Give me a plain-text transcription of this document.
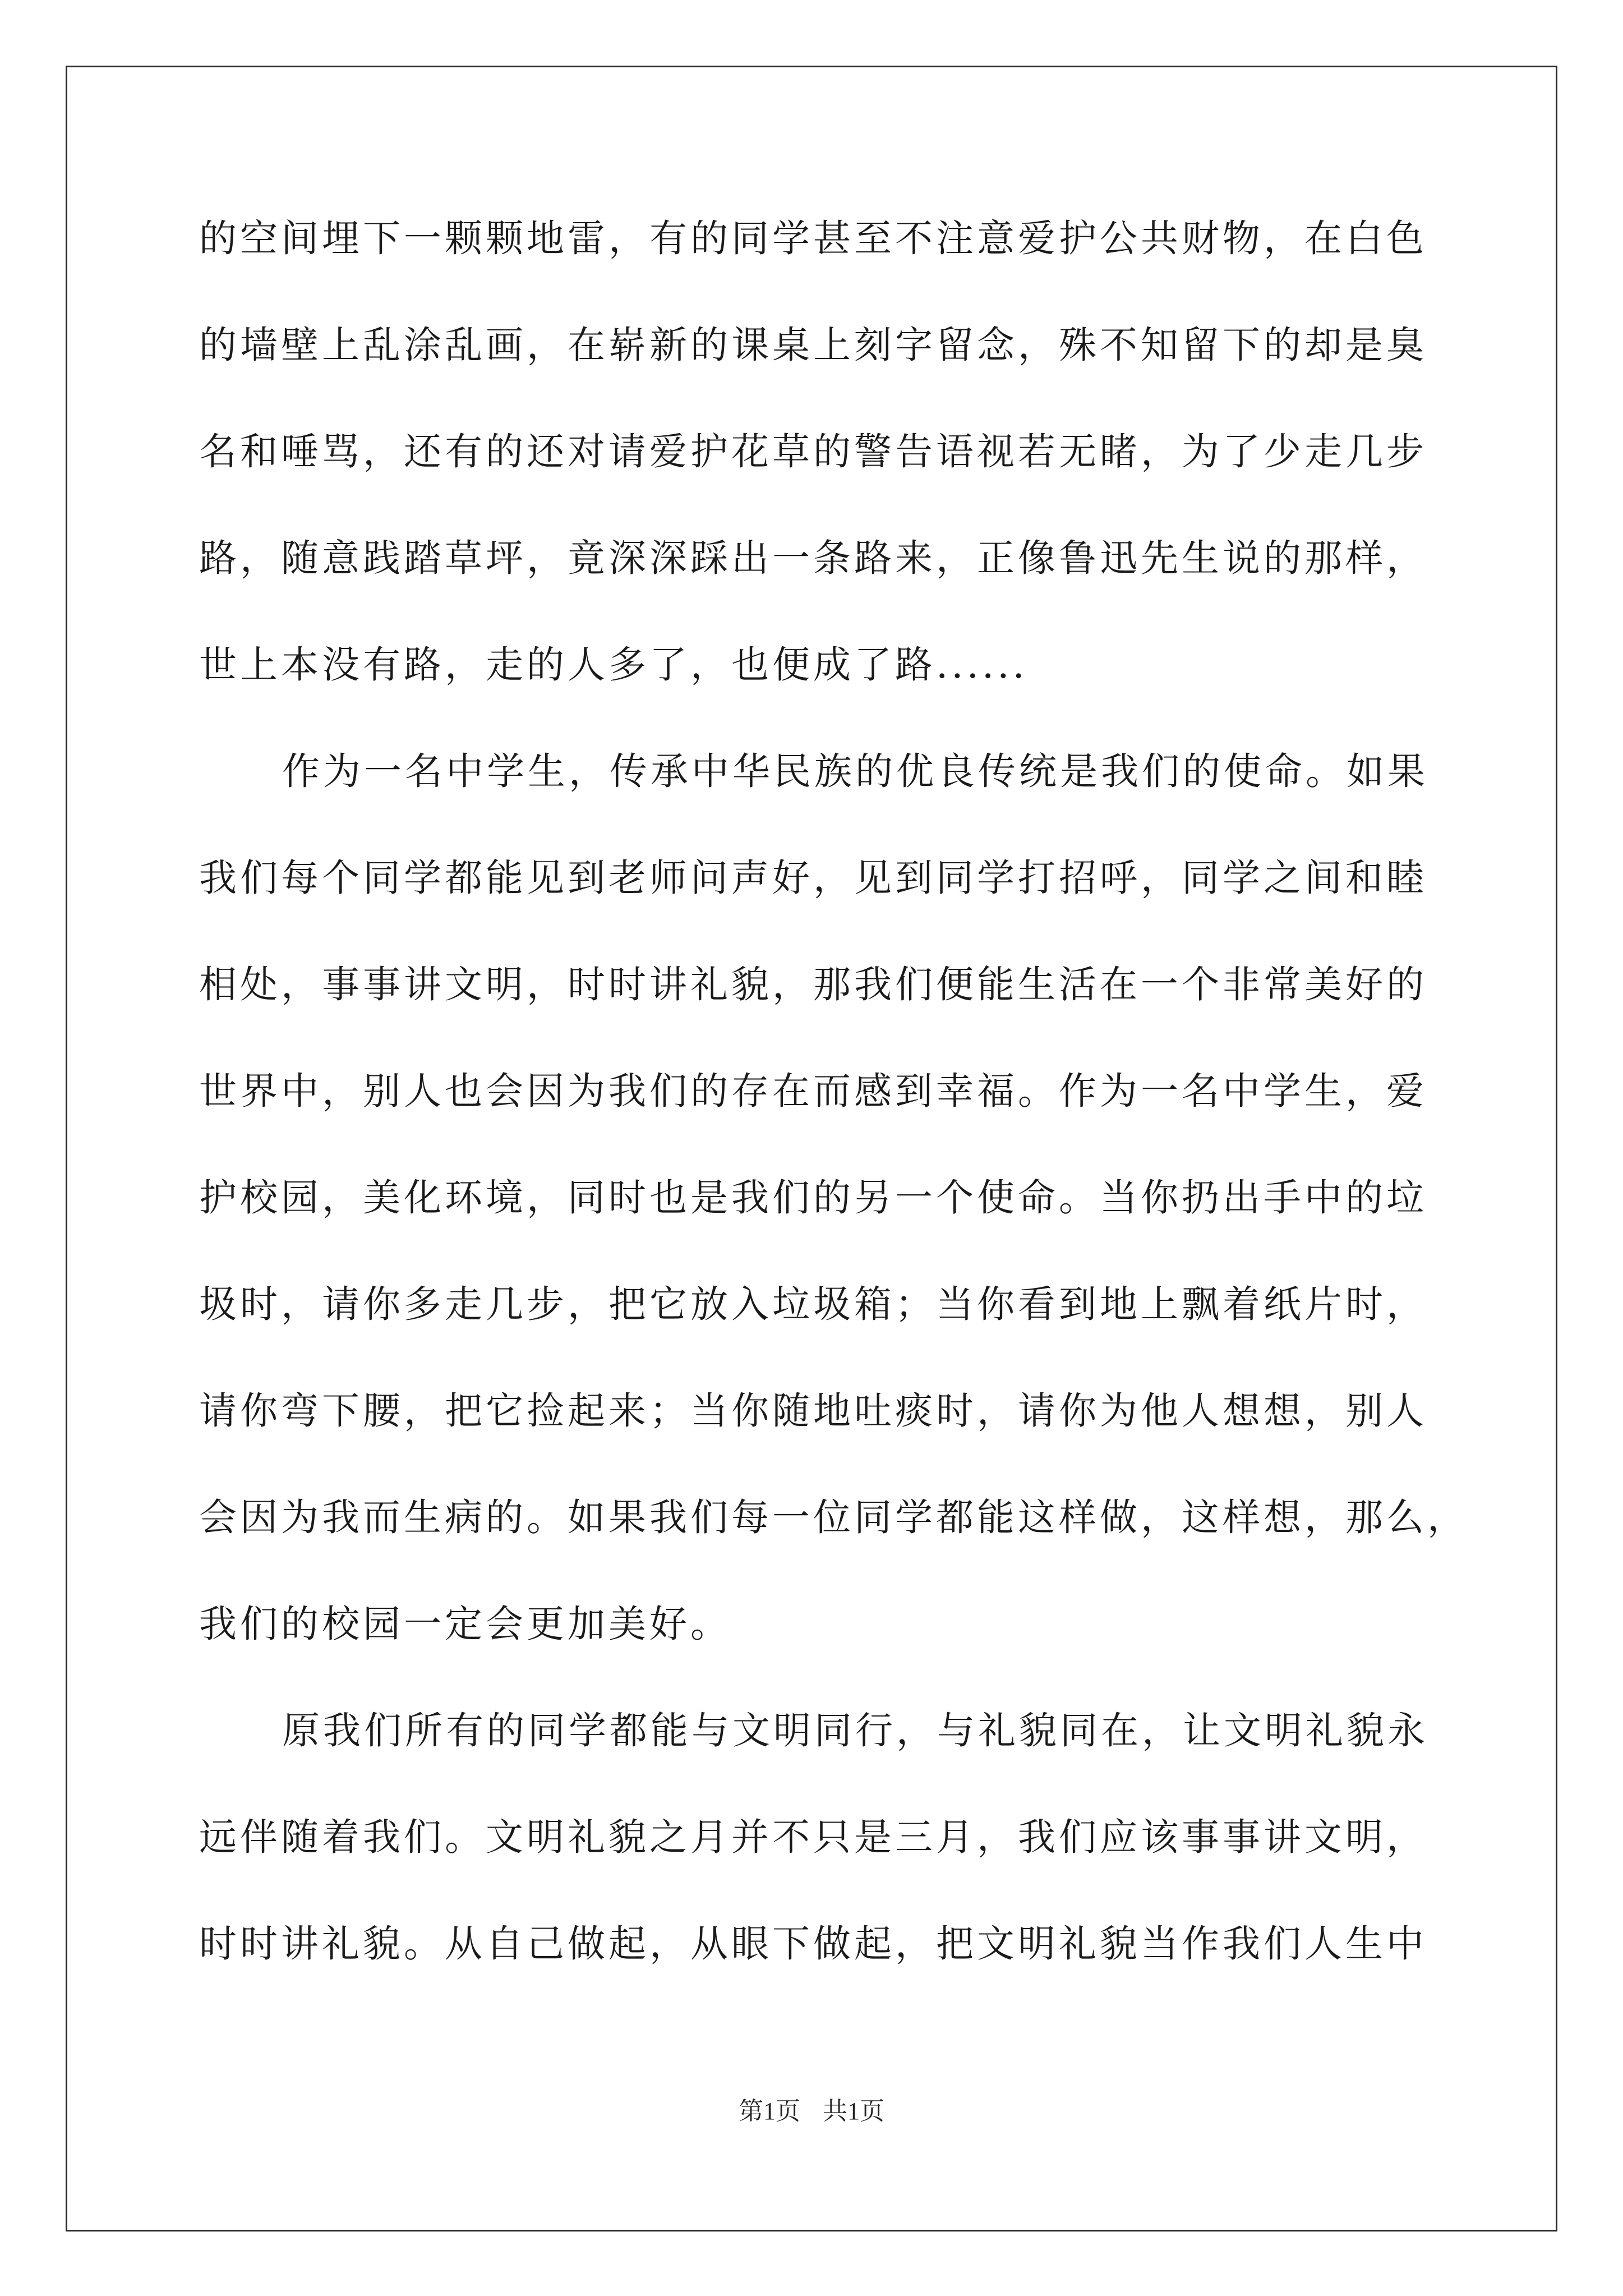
的空间埋下一颗颗地雷，有的同学甚至不注意爱护公共财物，在白色
的墙壁上乱涂乱画，在崭新的课桌上刻字留念，殊不知留下的却是臭
名和唾骂，还有的还对请爱护花草的警告语视若无睹，为了少走几步
路，随意践踏草坪，竟深深踩出一条路来，正像鲁迅先生说的那样，
世上本没有路，走的人多了，也便成了路......
作为一名中学生，传承中华民族的优良传统是我们的使命。如果
我们每个同学都能见到老师问声好，见到同学打招呼，同学之间和睦
相处，事事讲文明，时时讲礼貌，那我们便能生活在一个非常美好的
世界中，别人也会因为我们的存在而感到幸福。作为一名中学生，爱
护校园，美化环境，同时也是我们的另一个使命。当你扔出手中的垃
圾时，请你多走几步，把它放入垃圾箱；当你看到地上飘着纸片时，
请你弯下腰，把它捡起来；当你随地吐痰时，请你为他人想想，别人
会因为我而生病的。如果我们每一位同学都能这样做，这样想，那么，
我们的校园一定会更加美好。
原我们所有的同学都能与文明同行，与礼貌同在，让文明礼貌永
远伴随着我们。文明礼貌之月并不只是三月，我们应该事事讲文明，
时时讲礼貌。从自己做起，从眼下做起，把文明礼貌当作我们人生中
第1页 共1页
